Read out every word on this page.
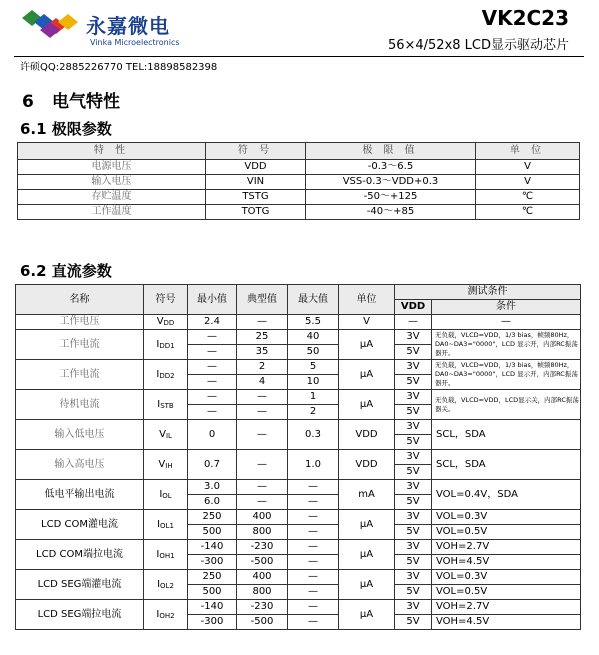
永嘉微电
Vinka Microelectronics
VK2C23
56×4/52x8 LCD显示驱动芯片
许硕QQ:2885226770 TEL:18898582398
6 电气特性
6.1 极限参数
特 性	符 号	极 限 值	单 位
电源电压	VDD	-0.3～6.5	V
输入电压	VIN	VSS-0.3～VDD+0.3	V
存贮温度	TSTG	-50～+125	℃
工作温度	TOTG	-40～+85	℃
6.2 直流参数
名称	符号	最小值	典型值	最大值	单位	测试条件	
						VDD	条件
工作电压	$V_{DD}$	2.4	—	5.5	V	—	—
工作电流	$I_{DD1}$	—	25	40	μA	3V	无负载，VLCD=VDD，1/3 bias，帧频80Hz，DA0~DA3="0000"，LCD 显示开，内部RC振荡器开。
		—	35	50		5V	
工作电流	$I_{DD2}$	—	2	5	μA	3V	无负载，VLCD=VDD，1/3 bias，帧频80Hz，DA0~DA3="0000"，LCD 显示开，内部RC振荡器开。
		—	4	10		5V	
待机电流	$I_{STB}$	—	—	1	μA	3V	无负载，VLCD=VDD，LCD显示关，内部RC振荡器关。
		—	—	2		5V	
输入低电压	$V_{IL}$	0	—	0.3	VDD	3V	SCL，SDA
						5V	
输入高电压	$V_{IH}$	0.7	—	1.0	VDD	3V	SCL，SDA
						5V	
低电平输出电流	$I_{OL}$	3.0	—	—	mA	3V	VOL=0.4V，SDA
		6.0	—	—		5V	
LCD COM灌电流	$I_{OL1}$	250	400	—	μA	3V	VOL=0.3V
		500	800	—		5V	VOL=0.5V
LCD COM端拉电流	$I_{OH1}$	-140	-230	—	μA	3V	VOH=2.7V
		-300	-500	—		5V	VOH=4.5V
LCD SEG端灌电流	$I_{OL2}$	250	400	—	μA	3V	VOL=0.3V
		500	800	—		5V	VOL=0.5V
LCD SEG端拉电流	$I_{OH2}$	-140	-230	—	μA	3V	VOH=2.7V
		-300	-500	—		5V	VOH=4.5V
